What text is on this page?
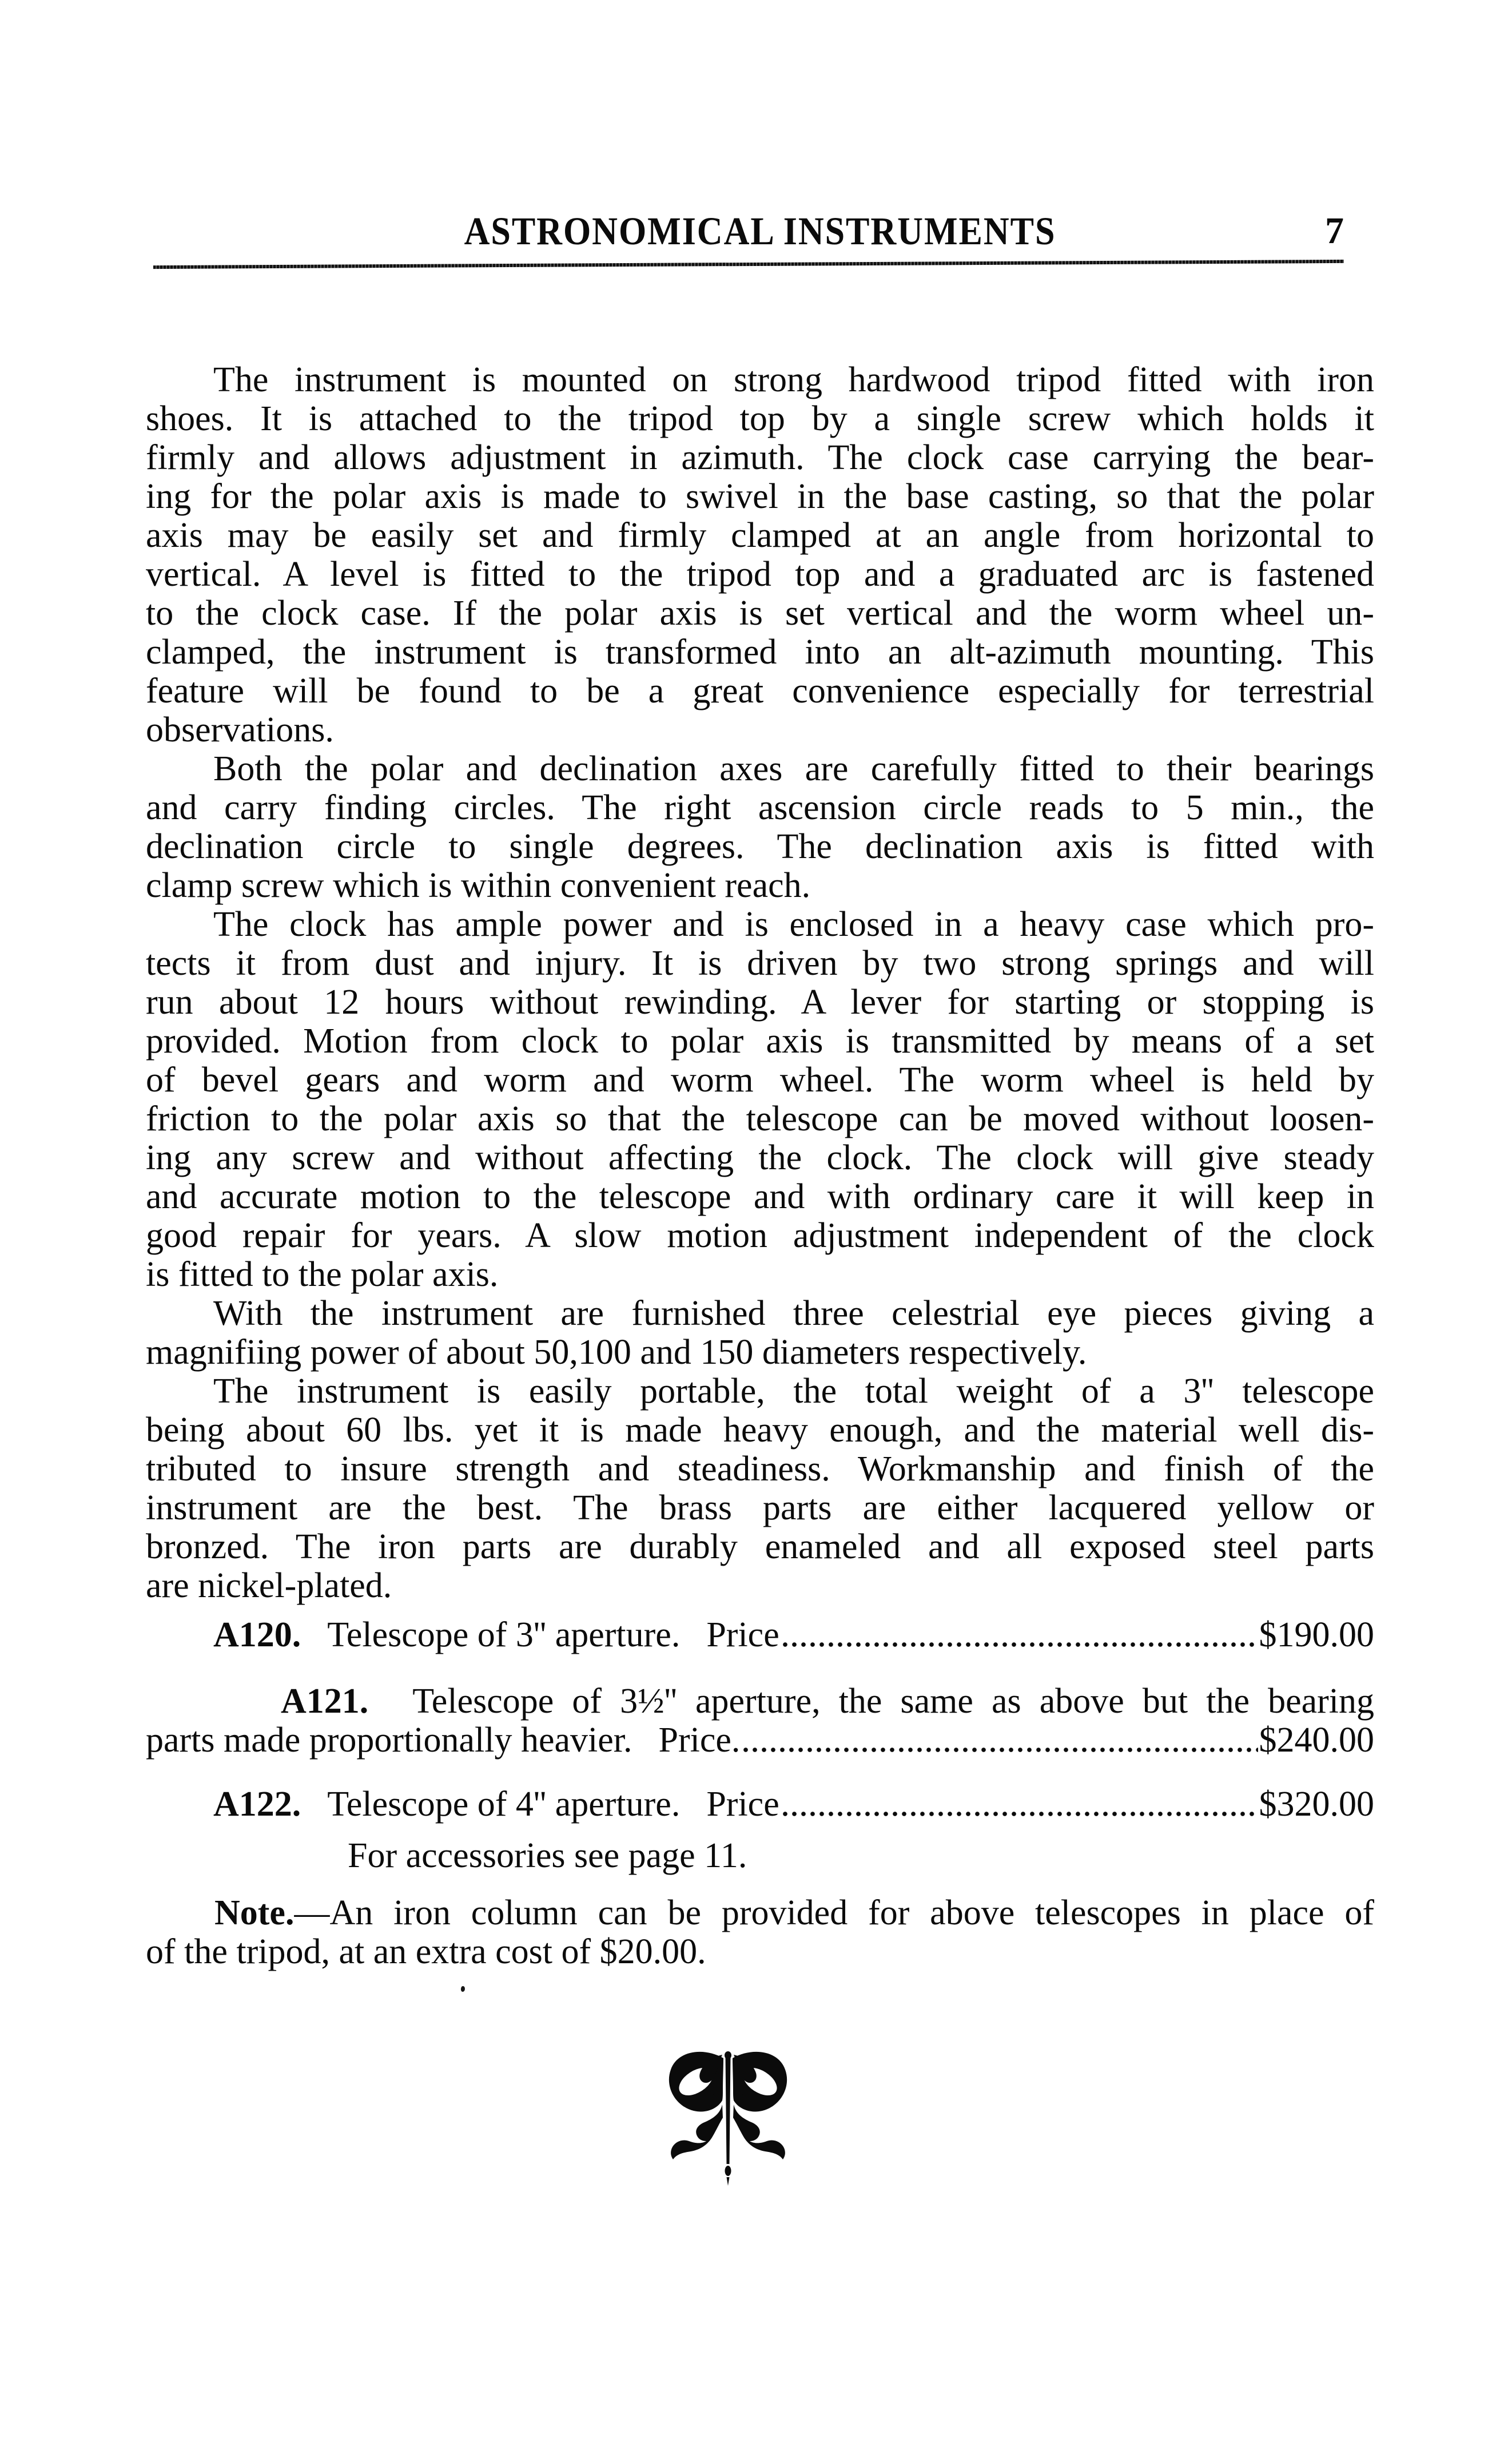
ASTRONOMICAL INSTRUMENTS	7
The instrument is mounted on strong hardwood tripod fitted with iron
shoes. It is attached to the tripod top by a single screw which holds it
firmly and allows adjustment in azimuth. The clock case carrying the bear-
ing for the polar axis is made to swivel in the base casting, so that the polar
axis may be easily set and firmly clamped at an angle from horizontal to
vertical. A level is fitted to the tripod top and a graduated arc is fastened
to the clock case. If the polar axis is set vertical and the worm wheel un-
clamped, the instrument is transformed into an alt-azimuth mounting. This
feature will be found to be a great convenience especially for terrestrial
observations.
Both the polar and declination axes are carefully fitted to their bearings
and carry finding circles. The right ascension circle reads to 5 min., the
declination circle to single degrees. The declination axis is fitted with
clamp screw which is within convenient reach.
The clock has ample power and is enclosed in a heavy case which pro-
tects it from dust and injury. It is driven by two strong springs and will
run about 12 hours without rewinding. A lever for starting or stopping is
provided. Motion from clock to polar axis is transmitted by means of a set
of bevel gears and worm and worm wheel. The worm wheel is held by
friction to the polar axis so that the telescope can be moved without loosen-
ing any screw and without affecting the clock. The clock will give steady
and accurate motion to the telescope and with ordinary care it will keep in
good repair for years. A slow motion adjustment independent of the clock
is fitted to the polar axis.
With the instrument are furnished three celestrial eye pieces giving a
magnifiing power of about 50,100 and 150 diameters respectively.
The instrument is easily portable, the total weight of a 3'' telescope
being about 60 lbs. yet it is made heavy enough, and the material well dis-
tributed to insure strength and steadiness. Workmanship and finish of the
instrument are the best. The brass parts are either lacquered yellow or
bronzed. The iron parts are durably enameled and all exposed steel parts
are nickel-plated.
A120. Telescope of 3'' aperture. Price	$190.00
A121. Telescope of 3½'' aperture, the same as above but the bearing
parts made proportionally heavier. Price.	$240.00
A122. Telescope of 4'' aperture. Price	$320.00
For accessories see page 11.
Note.—An iron column can be provided for above telescopes in place of
of the tripod, at an extra cost of $20.00.
